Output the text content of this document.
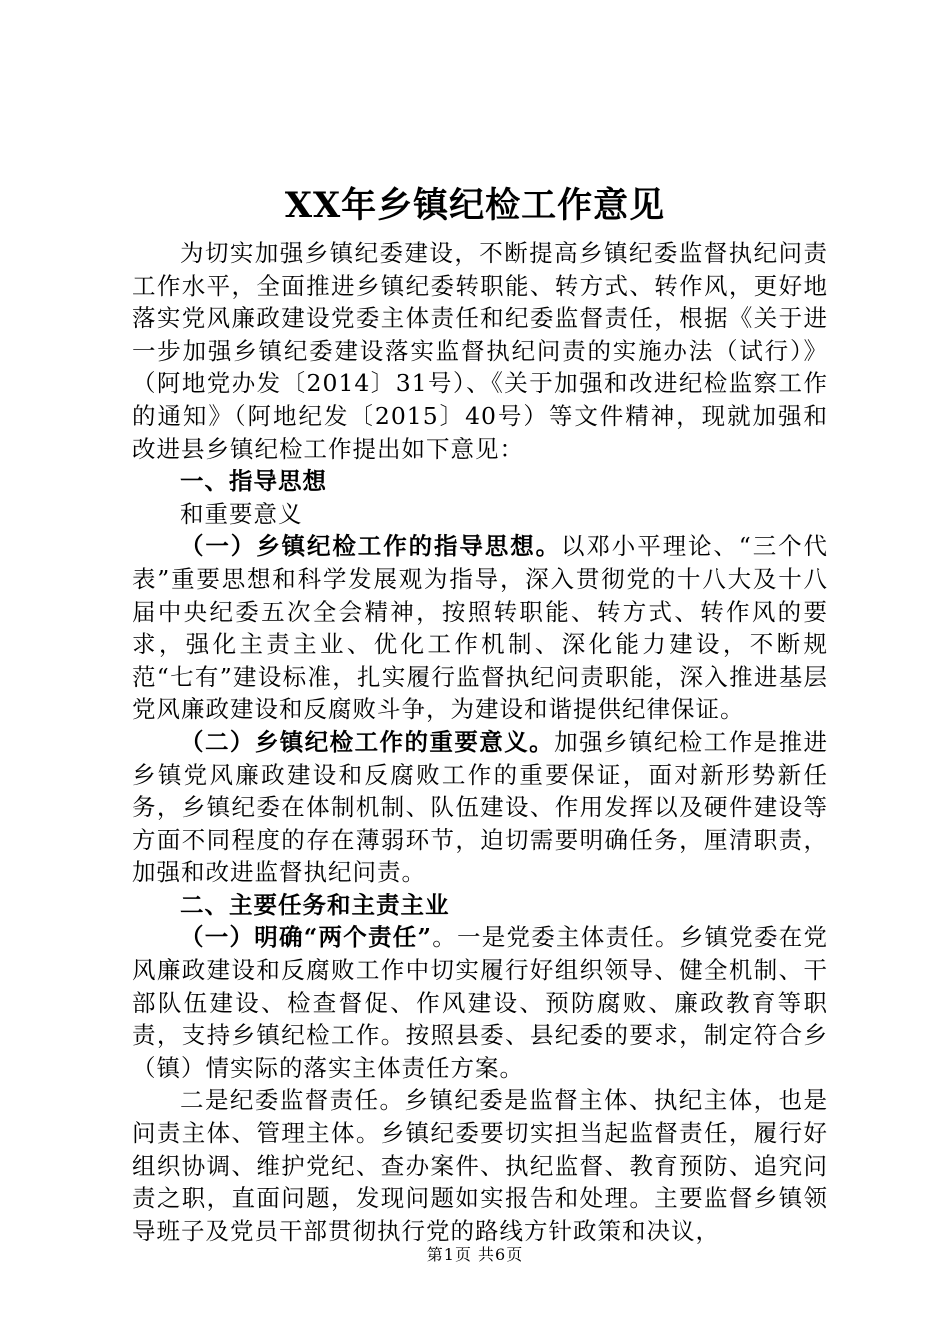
XX年乡镇纪检工作意见

为切实加强乡镇纪委建设，不断提高乡镇纪委监督执纪问责工作水平，全面推进乡镇纪委转职能、转方式、转作风，更好地落实党风廉政建设党委主体责任和纪委监督责任，根据《关于进一步加强乡镇纪委建设落实监督执纪问责的实施办法（试行）》（阿地党办发〔2014〕31号）、《关于加强和改进纪检监察工作的通知》（阿地纪发〔2015〕40号）等文件精神，现就加强和改进县乡镇纪检工作提出如下意见：

一、指导思想

和重要意义

（一）乡镇纪检工作的指导思想。以邓小平理论、“三个代表”重要思想和科学发展观为指导，深入贯彻党的十八大及十八届中央纪委五次全会精神，按照转职能、转方式、转作风的要求，强化主责主业、优化工作机制、深化能力建设，不断规范“七有”建设标准，扎实履行监督执纪问责职能，深入推进基层党风廉政建设和反腐败斗争，为建设和谐提供纪律保证。

（二）乡镇纪检工作的重要意义。加强乡镇纪检工作是推进乡镇党风廉政建设和反腐败工作的重要保证，面对新形势新任务，乡镇纪委在体制机制、队伍建设、作用发挥以及硬件建设等方面不同程度的存在薄弱环节，迫切需要明确任务，厘清职责，加强和改进监督执纪问责。

二、主要任务和主责主业

（一）明确“两个责任”。一是党委主体责任。乡镇党委在党风廉政建设和反腐败工作中切实履行好组织领导、健全机制、干部队伍建设、检查督促、作风建设、预防腐败、廉政教育等职责，支持乡镇纪检工作。按照县委、县纪委的要求，制定符合乡（镇）情实际的落实主体责任方案。

二是纪委监督责任。乡镇纪委是监督主体、执纪主体，也是问责主体、管理主体。乡镇纪委要切实担当起监督责任，履行好组织协调、维护党纪、查办案件、执纪监督、教育预防、追究问责之职，直面问题，发现问题如实报告和处理。主要监督乡镇领导班子及党员干部贯彻执行党的路线方针政策和决议，

第1页 共6页
